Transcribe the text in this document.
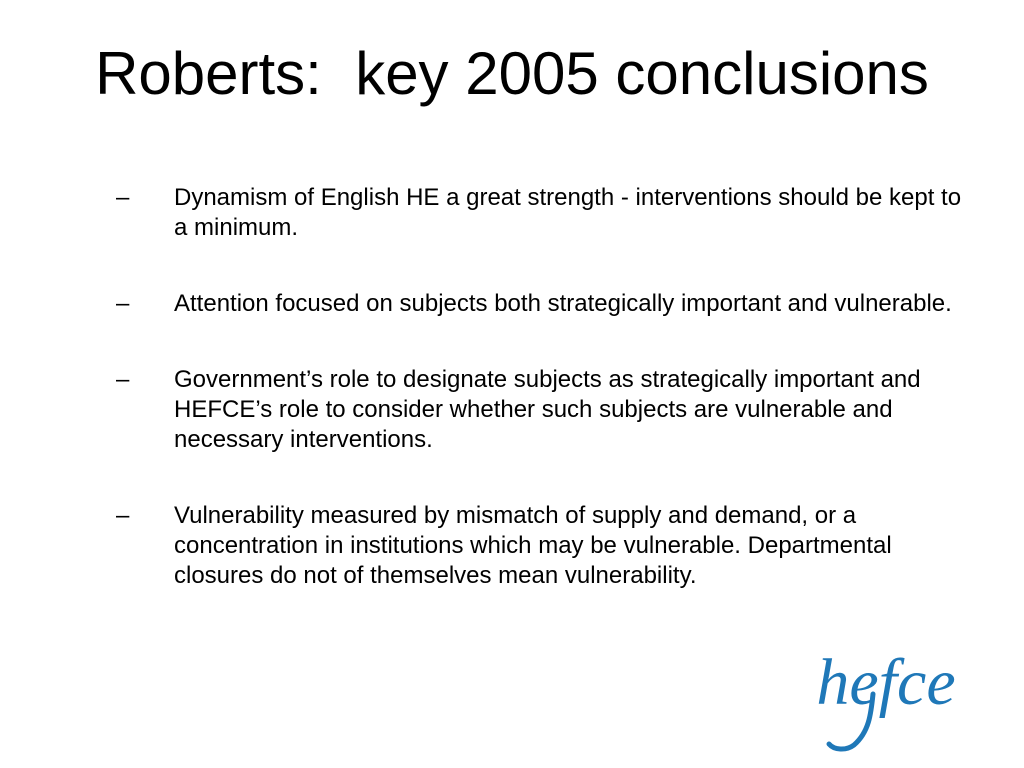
Roberts:  key 2005 conclusions
– Dynamism of English HE a great strength - interventions should be kept to a minimum.
– Attention focused on subjects both strategically important and vulnerable.
– Government’s role to designate subjects as strategically important and HEFCE’s role to consider whether such subjects are vulnerable and necessary interventions.
– Vulnerability measured by mismatch of supply and demand, or a concentration in institutions which may be vulnerable. Departmental closures do not of themselves mean vulnerability.
hefce
